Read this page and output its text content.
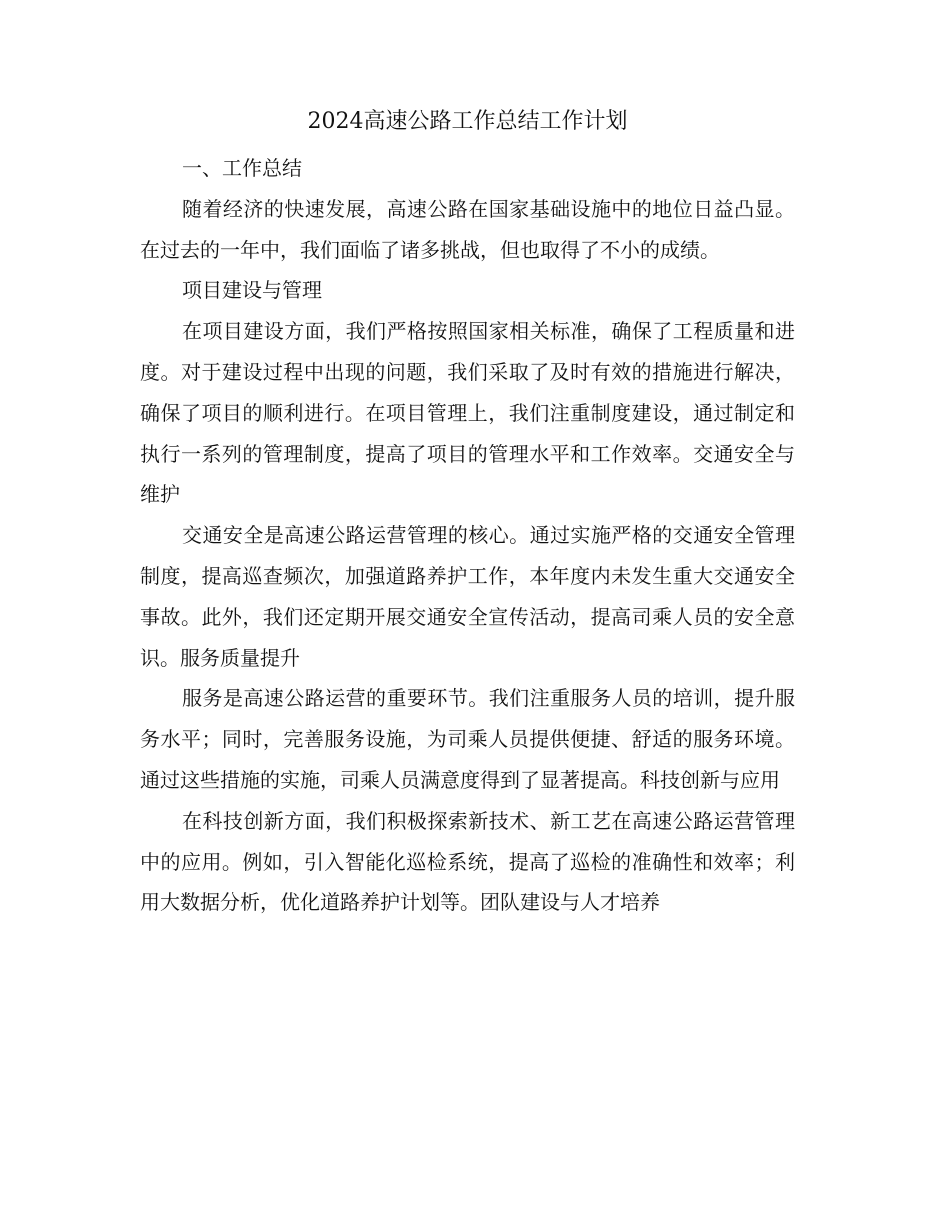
2024高速公路工作总结工作计划

一、工作总结

随着经济的快速发展，高速公路在国家基础设施中的地位日益凸显。在过去的一年中，我们面临了诸多挑战，但也取得了不小的成绩。

项目建设与管理

在项目建设方面，我们严格按照国家相关标准，确保了工程质量和进度。对于建设过程中出现的问题，我们采取了及时有效的措施进行解决，确保了项目的顺利进行。在项目管理上，我们注重制度建设，通过制定和执行一系列的管理制度，提高了项目的管理水平和工作效率。交通安全与维护

交通安全是高速公路运营管理的核心。通过实施严格的交通安全管理制度，提高巡查频次，加强道路养护工作，本年度内未发生重大交通安全事故。此外，我们还定期开展交通安全宣传活动，提高司乘人员的安全意识。服务质量提升

服务是高速公路运营的重要环节。我们注重服务人员的培训，提升服务水平；同时，完善服务设施，为司乘人员提供便捷、舒适的服务环境。通过这些措施的实施，司乘人员满意度得到了显著提高。科技创新与应用

在科技创新方面，我们积极探索新技术、新工艺在高速公路运营管理中的应用。例如，引入智能化巡检系统，提高了巡检的准确性和效率；利用大数据分析，优化道路养护计划等。团队建设与人才培养
